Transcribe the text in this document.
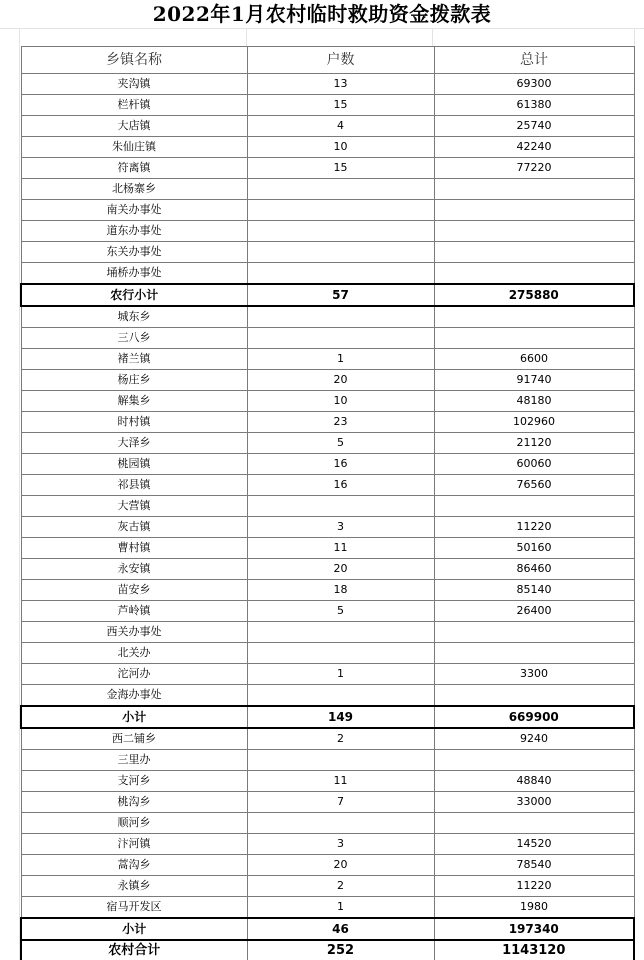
2022年1月农村临时救助资金拨款表
乡镇名称	户数	总计
夹沟镇	13	69300
栏杆镇	15	61380
大店镇	4	25740
朱仙庄镇	10	42240
符离镇	15	77220
北杨寨乡		
南关办事处		
道东办事处		
东关办事处		
埇桥办事处		
农行小计	57	275880
城东乡		
三八乡		
褚兰镇	1	6600
杨庄乡	20	91740
解集乡	10	48180
时村镇	23	102960
大泽乡	5	21120
桃园镇	16	60060
祁县镇	16	76560
大营镇		
灰古镇	3	11220
曹村镇	11	50160
永安镇	20	86460
苗安乡	18	85140
芦岭镇	5	26400
西关办事处		
北关办		
沱河办	1	3300
金海办事处		
小计	149	669900
西二铺乡	2	9240
三里办		
支河乡	11	48840
桃沟乡	7	33000
顺河乡		
汴河镇	3	14520
蒿沟乡	20	78540
永镇乡	2	11220
宿马开发区	1	1980
小计	46	197340
农村合计	252	1143120
